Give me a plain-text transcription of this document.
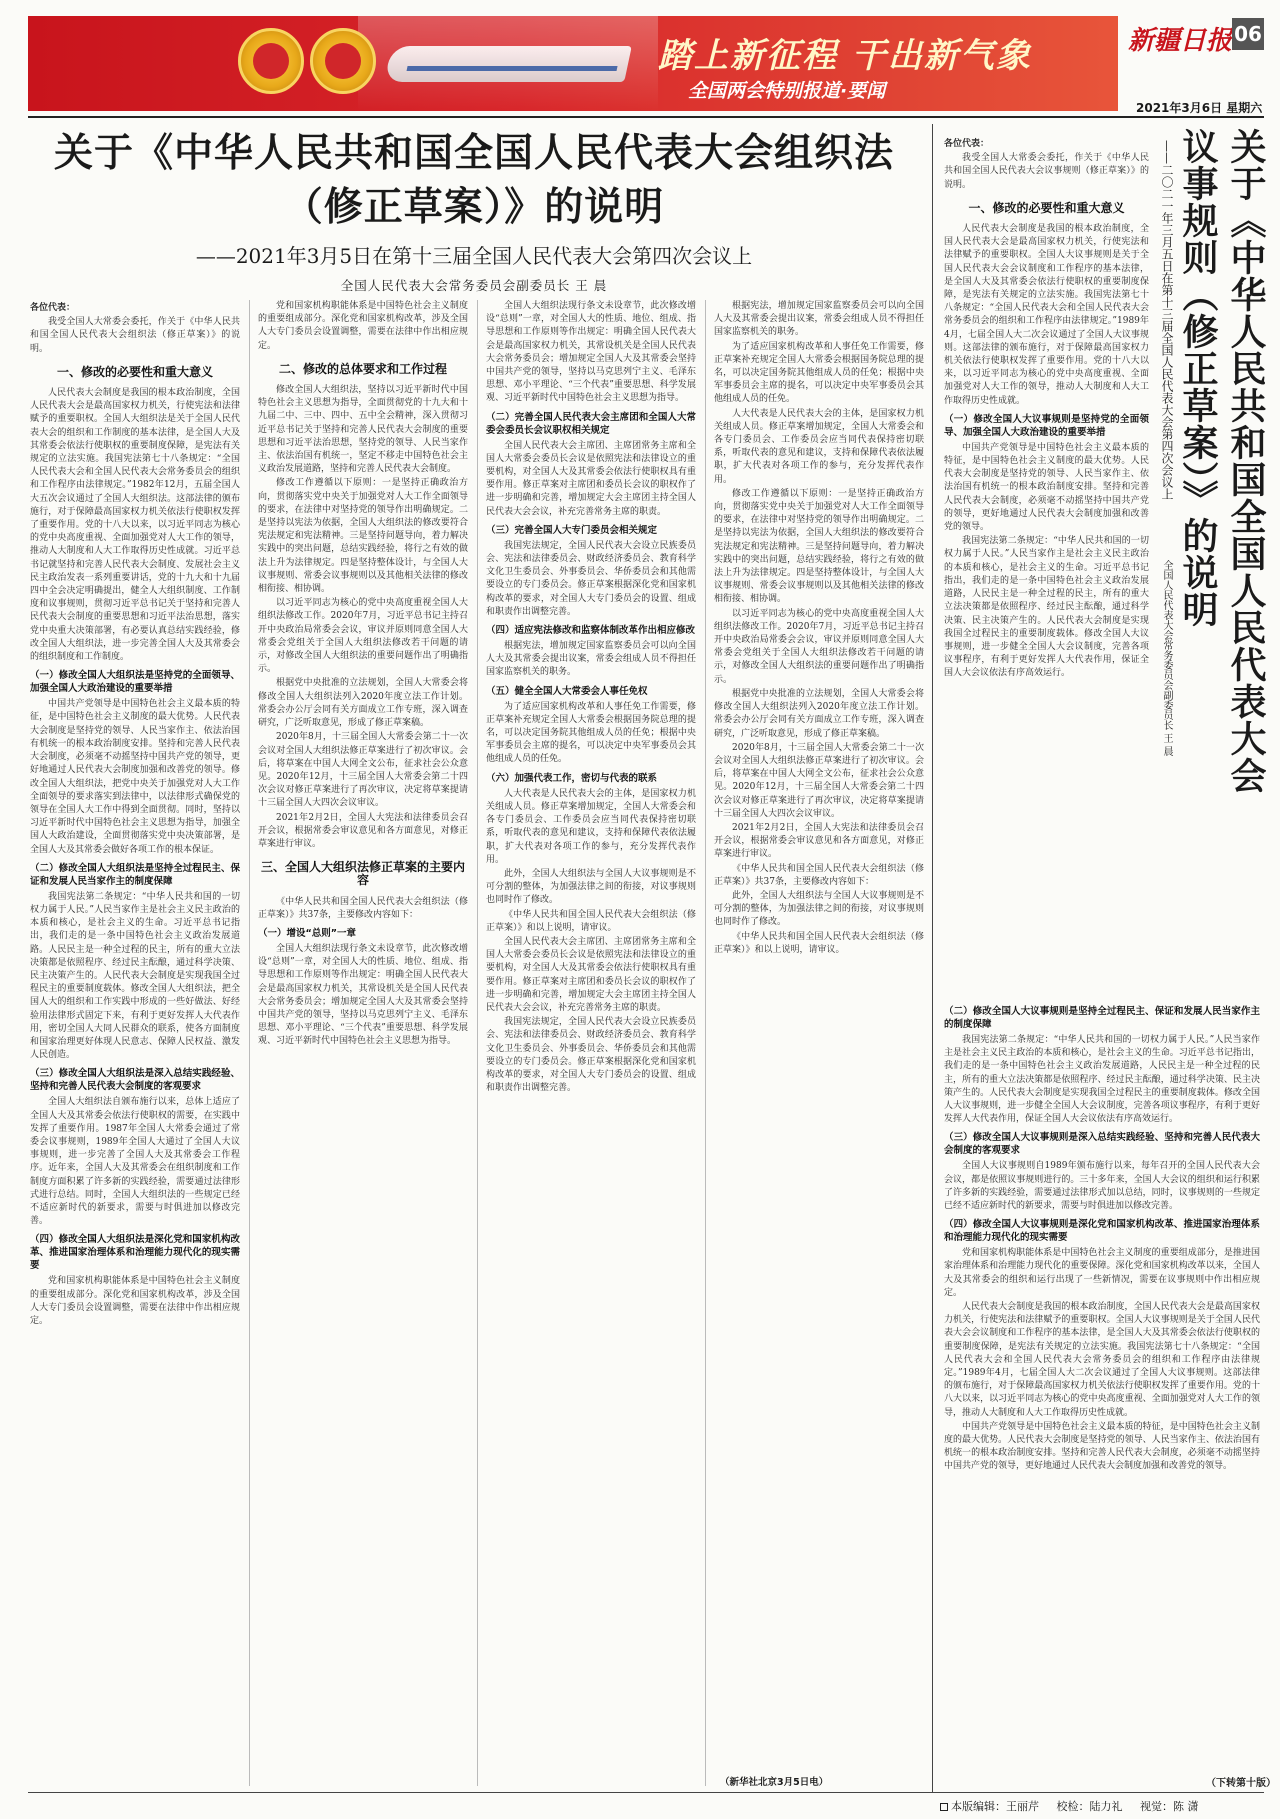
踏上新征程 干出新气象
全国两会特别报道·要闻
新疆日报 06
2021年3月6日 星期六
关于《中华人民共和国全国人民代表大会组织法（修正草案）》的说明
——2021年3月5日在第十三届全国人民代表大会第四次会议上
全国人民代表大会常务委员会副委员长 王 晨

各位代表：

我受全国人大常委会委托，作关于《中华人民共和国全国人民代表大会组织法（修正草案）》的说明。

一、修改的必要性和重大意义

人民代表大会制度是我国的根本政治制度，全国人民代表大会是最高国家权力机关，行使宪法和法律赋予的重要职权。全国人大组织法是关于全国人民代表大会的组织和工作制度的基本法律，是全国人大及其常委会依法行使职权的重要制度保障，是宪法有关规定的立法实施。我国宪法第七十八条规定：“全国人民代表大会和全国人民代表大会常务委员会的组织和工作程序由法律规定。”1982年12月，五届全国人大五次会议通过了全国人大组织法。这部法律的颁布施行，对于保障最高国家权力机关依法行使职权发挥了重要作用。党的十八大以来，以习近平同志为核心的党中央高度重视、全面加强党对人大工作的领导，推动人大制度和人大工作取得历史性成就。习近平总书记就坚持和完善人民代表大会制度、发展社会主义民主政治发表一系列重要讲话，党的十九大和十九届四中全会决定明确提出，健全人大组织制度、工作制度和议事规则，贯彻习近平总书记关于坚持和完善人民代表大会制度的重要思想和习近平法治思想，落实党中央重大决策部署，有必要认真总结实践经验，修改全国人大组织法，进一步完善全国人大及其常委会的组织制度和工作制度。

（一）修改全国人大组织法是坚持党的全面领导、加强全国人大政治建设的重要举措

中国共产党领导是中国特色社会主义最本质的特征，是中国特色社会主义制度的最大优势。人民代表大会制度是坚持党的领导、人民当家作主、依法治国有机统一的根本政治制度安排。坚持和完善人民代表大会制度，必须毫不动摇坚持中国共产党的领导，更好地通过人民代表大会制度加强和改善党的领导。修改全国人大组织法，把党中央关于加强党对人大工作全面领导的要求落实到法律中，以法律形式确保党的领导在全国人大工作中得到全面贯彻。同时，坚持以习近平新时代中国特色社会主义思想为指导，加强全国人大政治建设，全面贯彻落实党中央决策部署，是全国人大及其常委会做好各项工作的根本保证。

（二）修改全国人大组织法是坚持全过程民主、保证和发展人民当家作主的制度保障

我国宪法第二条规定：“中华人民共和国的一切权力属于人民。”人民当家作主是社会主义民主政治的本质和核心，是社会主义的生命。习近平总书记指出，我们走的是一条中国特色社会主义政治发展道路。人民民主是一种全过程的民主，所有的重大立法决策都是依照程序、经过民主酝酿，通过科学决策、民主决策产生的。人民代表大会制度是实现我国全过程民主的重要制度载体。修改全国人大组织法，把全国人大的组织和工作实践中形成的一些好做法、好经验用法律形式固定下来，有利于更好发挥人大代表作用，密切全国人大同人民群众的联系，使各方面制度和国家治理更好体现人民意志、保障人民权益、激发人民创造。

（三）修改全国人大组织法是深入总结实践经验、坚持和完善人民代表大会制度的客观要求

全国人大组织法自颁布施行以来，总体上适应了全国人大及其常委会依法行使职权的需要，在实践中发挥了重要作用。1987年全国人大常委会通过了常委会议事规则，1989年全国人大通过了全国人大议事规则，进一步完善了全国人大及其常委会工作程序。近年来，全国人大及其常委会在组织制度和工作制度方面积累了许多新的实践经验，需要通过法律形式进行总结。同时，全国人大组织法的一些规定已经不适应新时代的新要求，需要与时俱进加以修改完善。

（四）修改全国人大组织法是深化党和国家机构改革、推进国家治理体系和治理能力现代化的现实需要

党和国家机构职能体系是中国特色社会主义制度的重要组成部分。深化党和国家机构改革，涉及全国人大专门委员会设置调整，需要在法律中作出相应规定。

党和国家机构职能体系是中国特色社会主义制度的重要组成部分。深化党和国家机构改革，涉及全国人大专门委员会设置调整，需要在法律中作出相应规定。

二、修改的总体要求和工作过程

修改全国人大组织法，坚持以习近平新时代中国特色社会主义思想为指导，全面贯彻党的十九大和十九届二中、三中、四中、五中全会精神，深入贯彻习近平总书记关于坚持和完善人民代表大会制度的重要思想和习近平法治思想，坚持党的领导、人民当家作主、依法治国有机统一，坚定不移走中国特色社会主义政治发展道路，坚持和完善人民代表大会制度。

修改工作遵循以下原则：一是坚持正确政治方向，贯彻落实党中央关于加强党对人大工作全面领导的要求，在法律中对坚持党的领导作出明确规定。二是坚持以宪法为依据，全国人大组织法的修改要符合宪法规定和宪法精神。三是坚持问题导向，着力解决实践中的突出问题，总结实践经验，将行之有效的做法上升为法律规定。四是坚持整体设计，与全国人大议事规则、常委会议事规则以及其他相关法律的修改相衔接、相协调。

以习近平同志为核心的党中央高度重视全国人大组织法修改工作。2020年7月，习近平总书记主持召开中央政治局常委会会议，审议并原则同意全国人大常委会党组关于全国人大组织法修改若干问题的请示，对修改全国人大组织法的重要问题作出了明确指示。

根据党中央批准的立法规划，全国人大常委会将修改全国人大组织法列入2020年度立法工作计划。常委会办公厅会同有关方面成立工作专班，深入调查研究，广泛听取意见，形成了修正草案稿。

2020年8月，十三届全国人大常委会第二十一次会议对全国人大组织法修正草案进行了初次审议。会后，将草案在中国人大网全文公布，征求社会公众意见。2020年12月，十三届全国人大常委会第二十四次会议对修正草案进行了再次审议，决定将草案提请十三届全国人大四次会议审议。

2021年2月2日，全国人大宪法和法律委员会召开会议，根据常委会审议意见和各方面意见，对修正草案进行审议。

三、全国人大组织法修正草案的主要内容

《中华人民共和国全国人民代表大会组织法（修正草案）》共37条，主要修改内容如下：

（一）增设“总则”一章

全国人大组织法现行条文未设章节，此次修改增设“总则”一章，对全国人大的性质、地位、组成、指导思想和工作原则等作出规定：明确全国人民代表大会是最高国家权力机关，其常设机关是全国人民代表大会常务委员会；增加规定全国人大及其常委会坚持中国共产党的领导，坚持以马克思列宁主义、毛泽东思想、邓小平理论、“三个代表”重要思想、科学发展观、习近平新时代中国特色社会主义思想为指导。

全国人大组织法现行条文未设章节，此次修改增设“总则”一章，对全国人大的性质、地位、组成、指导思想和工作原则等作出规定：明确全国人民代表大会是最高国家权力机关，其常设机关是全国人民代表大会常务委员会；增加规定全国人大及其常委会坚持中国共产党的领导，坚持以马克思列宁主义、毛泽东思想、邓小平理论、“三个代表”重要思想、科学发展观、习近平新时代中国特色社会主义思想为指导。

（二）完善全国人民代表大会主席团和全国人大常委会委员长会议职权相关规定

全国人民代表大会主席团、主席团常务主席和全国人大常委会委员长会议是依照宪法和法律设立的重要机构，对全国人大及其常委会依法行使职权具有重要作用。修正草案对主席团和委员长会议的职权作了进一步明确和完善，增加规定大会主席团主持全国人民代表大会会议，补充完善常务主席的职责。

（三）完善全国人大专门委员会相关规定

我国宪法规定，全国人民代表大会设立民族委员会、宪法和法律委员会、财政经济委员会、教育科学文化卫生委员会、外事委员会、华侨委员会和其他需要设立的专门委员会。修正草案根据深化党和国家机构改革的要求，对全国人大专门委员会的设置、组成和职责作出调整完善。

（四）适应宪法修改和监察体制改革作出相应修改

根据宪法，增加规定国家监察委员会可以向全国人大及其常委会提出议案，常委会组成人员不得担任国家监察机关的职务。

（五）健全全国人大常委会人事任免权

为了适应国家机构改革和人事任免工作需要，修正草案补充规定全国人大常委会根据国务院总理的提名，可以决定国务院其他组成人员的任免；根据中央军事委员会主席的提名，可以决定中央军事委员会其他组成人员的任免。

（六）加强代表工作，密切与代表的联系

人大代表是人民代表大会的主体，是国家权力机关组成人员。修正草案增加规定，全国人大常委会和各专门委员会、工作委员会应当同代表保持密切联系，听取代表的意见和建议，支持和保障代表依法履职，扩大代表对各项工作的参与，充分发挥代表作用。

此外，全国人大组织法与全国人大议事规则是不可分割的整体，为加强法律之间的衔接，对议事规则也同时作了修改。

《中华人民共和国全国人民代表大会组织法（修正草案）》和以上说明，请审议。

全国人民代表大会主席团、主席团常务主席和全国人大常委会委员长会议是依照宪法和法律设立的重要机构，对全国人大及其常委会依法行使职权具有重要作用。修正草案对主席团和委员长会议的职权作了进一步明确和完善，增加规定大会主席团主持全国人民代表大会会议，补充完善常务主席的职责。

我国宪法规定，全国人民代表大会设立民族委员会、宪法和法律委员会、财政经济委员会、教育科学文化卫生委员会、外事委员会、华侨委员会和其他需要设立的专门委员会。修正草案根据深化党和国家机构改革的要求，对全国人大专门委员会的设置、组成和职责作出调整完善。

根据宪法，增加规定国家监察委员会可以向全国人大及其常委会提出议案，常委会组成人员不得担任国家监察机关的职务。

为了适应国家机构改革和人事任免工作需要，修正草案补充规定全国人大常委会根据国务院总理的提名，可以决定国务院其他组成人员的任免；根据中央军事委员会主席的提名，可以决定中央军事委员会其他组成人员的任免。

人大代表是人民代表大会的主体，是国家权力机关组成人员。修正草案增加规定，全国人大常委会和各专门委员会、工作委员会应当同代表保持密切联系，听取代表的意见和建议，支持和保障代表依法履职，扩大代表对各项工作的参与，充分发挥代表作用。

修改工作遵循以下原则：一是坚持正确政治方向，贯彻落实党中央关于加强党对人大工作全面领导的要求，在法律中对坚持党的领导作出明确规定。二是坚持以宪法为依据，全国人大组织法的修改要符合宪法规定和宪法精神。三是坚持问题导向，着力解决实践中的突出问题，总结实践经验，将行之有效的做法上升为法律规定。四是坚持整体设计，与全国人大议事规则、常委会议事规则以及其他相关法律的修改相衔接、相协调。

以习近平同志为核心的党中央高度重视全国人大组织法修改工作。2020年7月，习近平总书记主持召开中央政治局常委会会议，审议并原则同意全国人大常委会党组关于全国人大组织法修改若干问题的请示，对修改全国人大组织法的重要问题作出了明确指示。

根据党中央批准的立法规划，全国人大常委会将修改全国人大组织法列入2020年度立法工作计划。常委会办公厅会同有关方面成立工作专班，深入调查研究，广泛听取意见，形成了修正草案稿。

2020年8月，十三届全国人大常委会第二十一次会议对全国人大组织法修正草案进行了初次审议。会后，将草案在中国人大网全文公布，征求社会公众意见。2020年12月，十三届全国人大常委会第二十四次会议对修正草案进行了再次审议，决定将草案提请十三届全国人大四次会议审议。

2021年2月2日，全国人大宪法和法律委员会召开会议，根据常委会审议意见和各方面意见，对修正草案进行审议。

《中华人民共和国全国人民代表大会组织法（修正草案）》共37条，主要修改内容如下：

此外，全国人大组织法与全国人大议事规则是不可分割的整体，为加强法律之间的衔接，对议事规则也同时作了修改。

《中华人民共和国全国人民代表大会组织法（修正草案）》和以上说明，请审议。

（新华社北京3月5日电）

各位代表：

我受全国人大常委会委托，作关于《中华人民共和国全国人民代表大会议事规则（修正草案）》的说明。

一、修改的必要性和重大意义

人民代表大会制度是我国的根本政治制度，全国人民代表大会是最高国家权力机关，行使宪法和法律赋予的重要职权。全国人大议事规则是关于全国人民代表大会会议制度和工作程序的基本法律，是全国人大及其常委会依法行使职权的重要制度保障，是宪法有关规定的立法实施。我国宪法第七十八条规定：“全国人民代表大会和全国人民代表大会常务委员会的组织和工作程序由法律规定。”1989年4月，七届全国人大二次会议通过了全国人大议事规则。这部法律的颁布施行，对于保障最高国家权力机关依法行使职权发挥了重要作用。党的十八大以来，以习近平同志为核心的党中央高度重视、全面加强党对人大工作的领导，推动人大制度和人大工作取得历史性成就。

（一）修改全国人大议事规则是坚持党的全面领导、加强全国人大政治建设的重要举措

中国共产党领导是中国特色社会主义最本质的特征，是中国特色社会主义制度的最大优势。人民代表大会制度是坚持党的领导、人民当家作主、依法治国有机统一的根本政治制度安排。坚持和完善人民代表大会制度，必须毫不动摇坚持中国共产党的领导，更好地通过人民代表大会制度加强和改善党的领导。

我国宪法第二条规定：“中华人民共和国的一切权力属于人民。”人民当家作主是社会主义民主政治的本质和核心，是社会主义的生命。习近平总书记指出，我们走的是一条中国特色社会主义政治发展道路，人民民主是一种全过程的民主，所有的重大立法决策都是依照程序、经过民主酝酿，通过科学决策、民主决策产生的。人民代表大会制度是实现我国全过程民主的重要制度载体。修改全国人大议事规则，进一步健全全国人大会议制度，完善各项议事程序，有利于更好发挥人大代表作用，保证全国人大会议依法有序高效运行。	关于《中华人民共和国全国人民代表大会
议事规则（修正草案）》的说明
——二〇二一年三月五日在第十三届全国人民代表大会第四次会议上
全国人民代表大会常务委员会副委员长 王 晨
（二）修改全国人大议事规则是坚持全过程民主、保证和发展人民当家作主的制度保障

我国宪法第二条规定：“中华人民共和国的一切权力属于人民。”人民当家作主是社会主义民主政治的本质和核心，是社会主义的生命。习近平总书记指出，我们走的是一条中国特色社会主义政治发展道路，人民民主是一种全过程的民主，所有的重大立法决策都是依照程序、经过民主酝酿，通过科学决策、民主决策产生的。人民代表大会制度是实现我国全过程民主的重要制度载体。修改全国人大议事规则，进一步健全全国人大会议制度，完善各项议事程序，有利于更好发挥人大代表作用，保证全国人大会议依法有序高效运行。

（三）修改全国人大议事规则是深入总结实践经验、坚持和完善人民代表大会制度的客观要求

全国人大议事规则自1989年颁布施行以来，每年召开的全国人民代表大会会议，都是依照议事规则进行的。三十多年来，全国人大会议的组织和运行积累了许多新的实践经验，需要通过法律形式加以总结，同时，议事规则的一些规定已经不适应新时代的新要求，需要与时俱进加以修改完善。

（四）修改全国人大议事规则是深化党和国家机构改革、推进国家治理体系和治理能力现代化的现实需要

党和国家机构职能体系是中国特色社会主义制度的重要组成部分，是推进国家治理体系和治理能力现代化的重要保障。深化党和国家机构改革以来，全国人大及其常委会的组织和运行出现了一些新情况，需要在议事规则中作出相应规定。

人民代表大会制度是我国的根本政治制度，全国人民代表大会是最高国家权力机关，行使宪法和法律赋予的重要职权。全国人大议事规则是关于全国人民代表大会会议制度和工作程序的基本法律，是全国人大及其常委会依法行使职权的重要制度保障，是宪法有关规定的立法实施。我国宪法第七十八条规定：“全国人民代表大会和全国人民代表大会常务委员会的组织和工作程序由法律规定。”1989年4月，七届全国人大二次会议通过了全国人大议事规则。这部法律的颁布施行，对于保障最高国家权力机关依法行使职权发挥了重要作用。党的十八大以来，以习近平同志为核心的党中央高度重视、全面加强党对人大工作的领导，推动人大制度和人大工作取得历史性成就。

中国共产党领导是中国特色社会主义最本质的特征，是中国特色社会主义制度的最大优势。人民代表大会制度是坚持党的领导、人民当家作主、依法治国有机统一的根本政治制度安排。坚持和完善人民代表大会制度，必须毫不动摇坚持中国共产党的领导，更好地通过人民代表大会制度加强和改善党的领导。

（下转第十版）
本版编辑：王丽芹 校检：陆力礼 视觉：陈 潇
